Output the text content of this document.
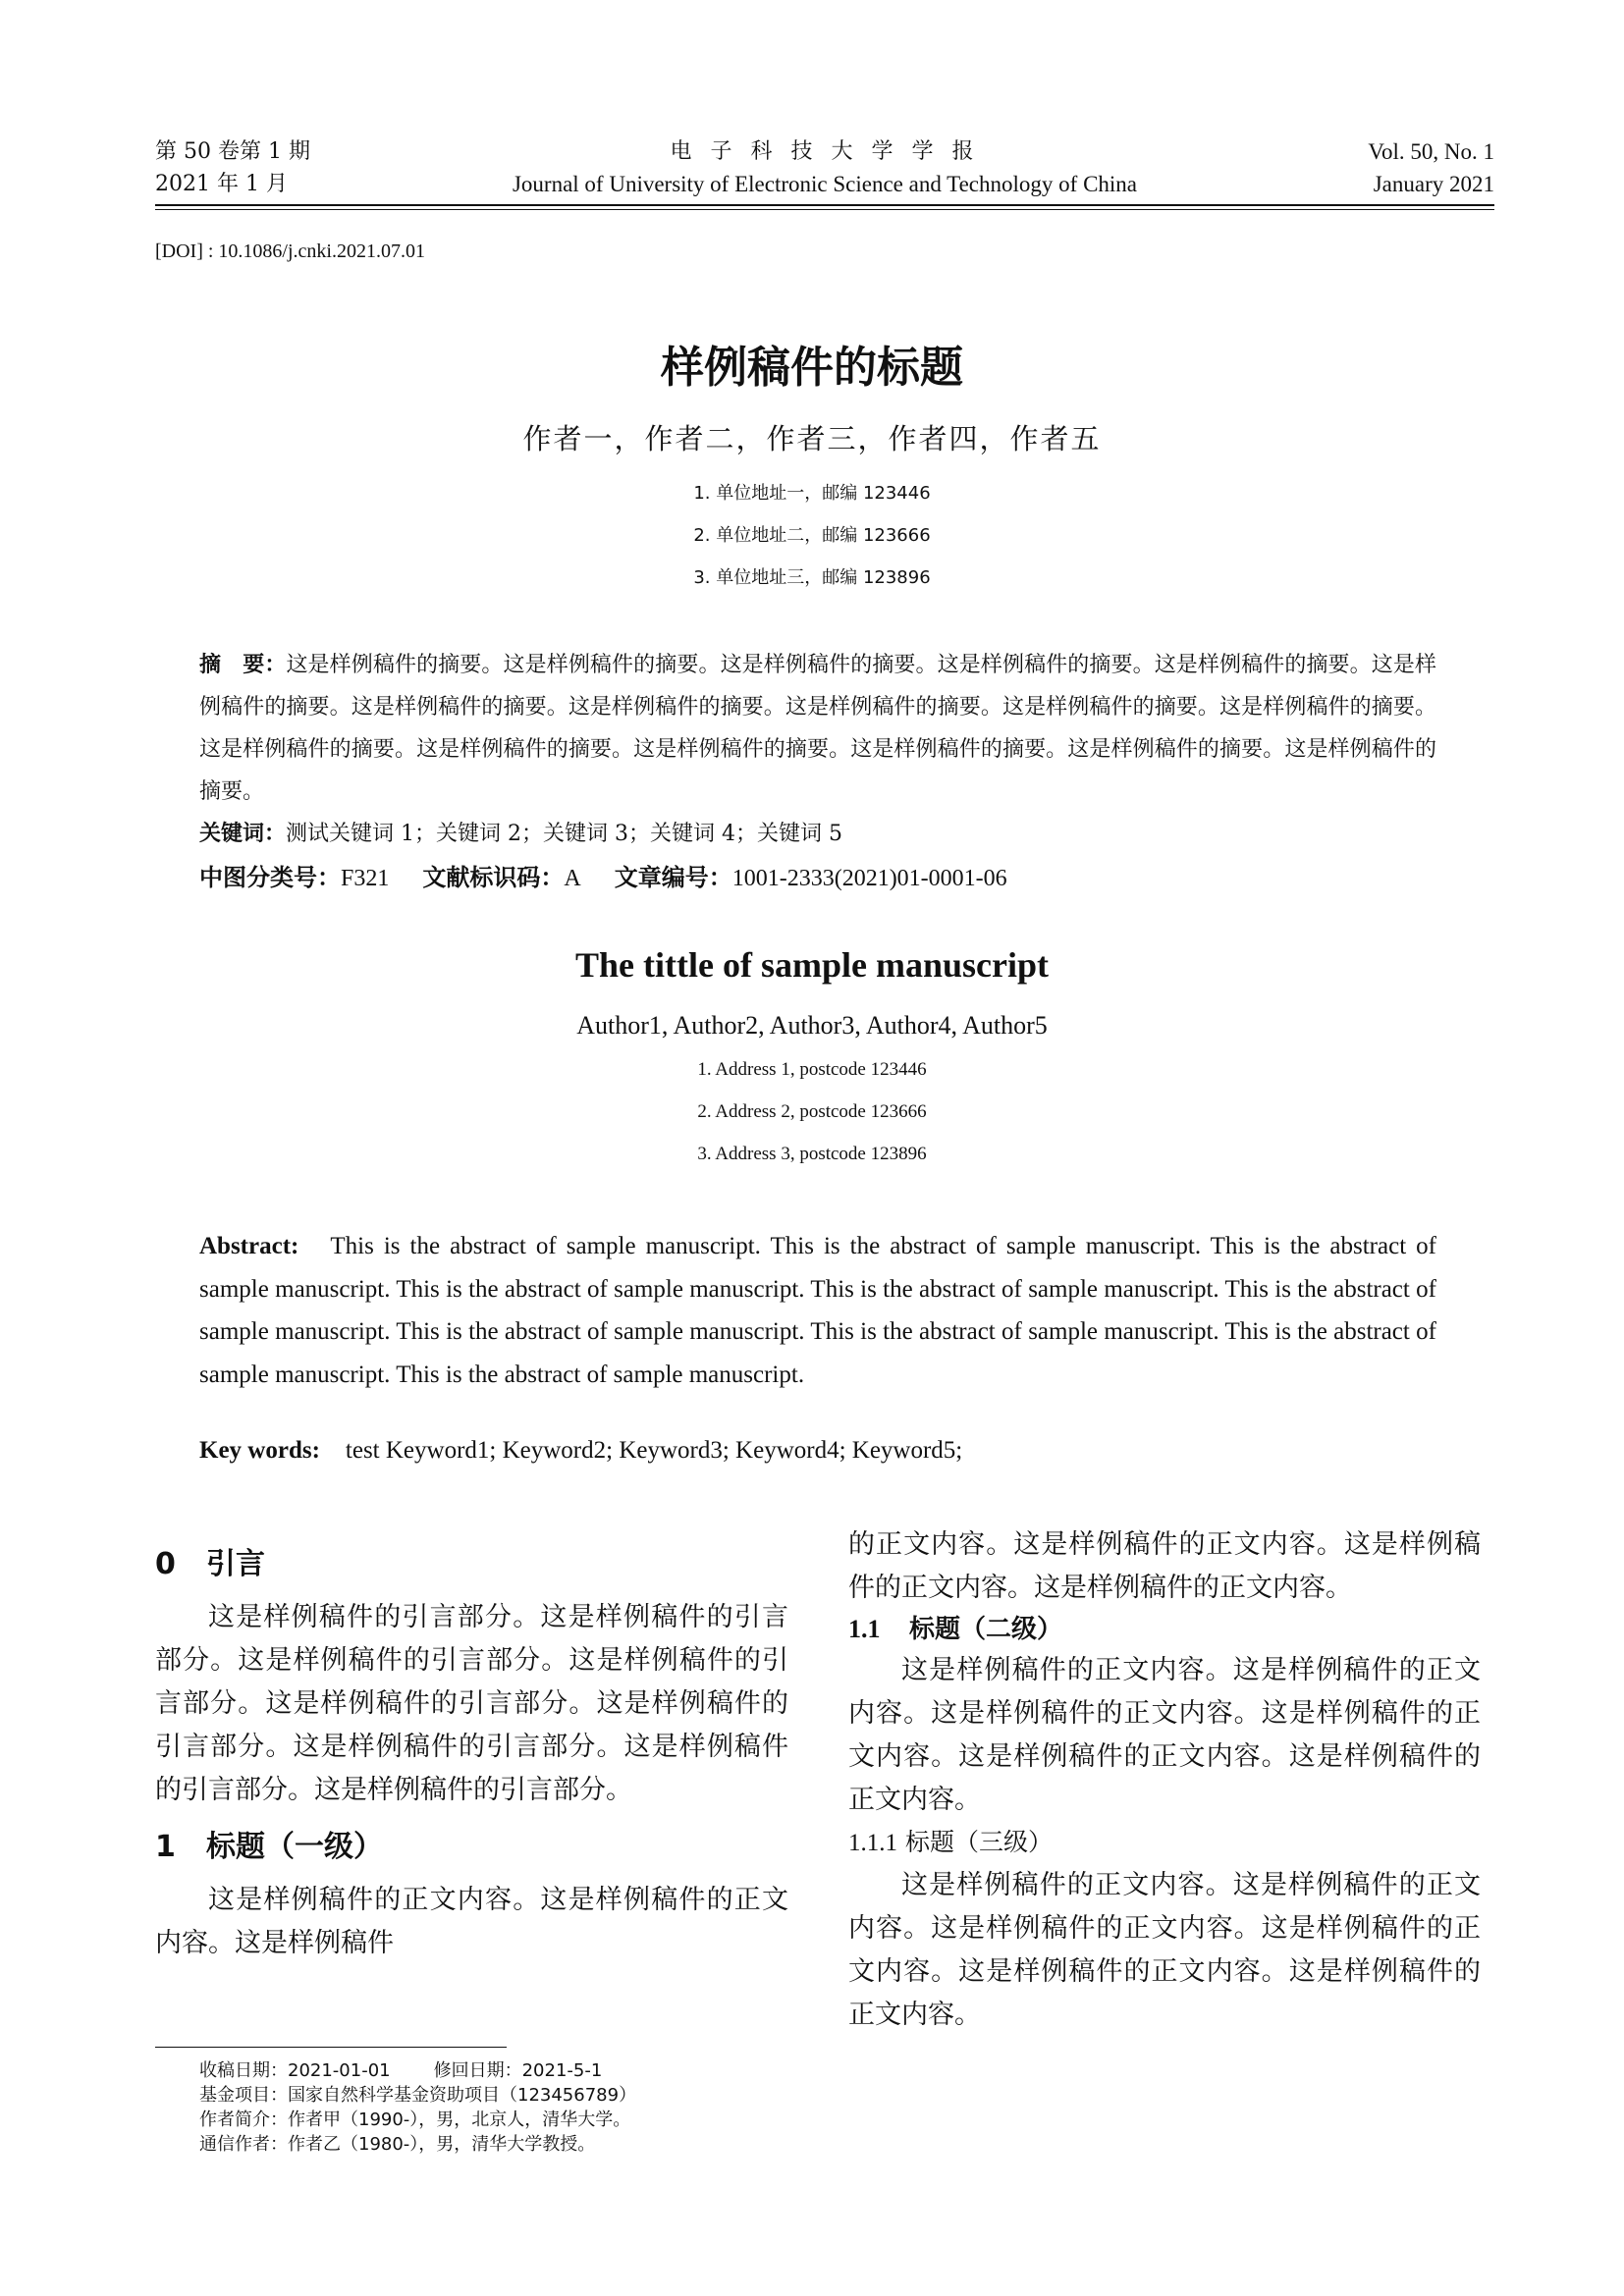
第 50 卷第 1 期
2021 年 1 月
电 子 科 技 大 学 学 报
Journal of University of Electronic Science and Technology of China
Vol. 50, No. 1
January 2021
[DOI] : 10.1086/j.cnki.2021.07.01
样例稿件的标题
作者一，作者二，作者三，作者四，作者五
1. 单位地址一，邮编 123446
2. 单位地址二，邮编 123666
3. 单位地址三，邮编 123896
摘　要：这是样例稿件的摘要。这是样例稿件的摘要。这是样例稿件的摘要。这是样例稿件的摘要。这是样例稿件的摘要。这是样例稿件的摘要。这是样例稿件的摘要。这是样例稿件的摘要。这是样例稿件的摘要。这是样例稿件的摘要。这是样例稿件的摘要。这是样例稿件的摘要。这是样例稿件的摘要。这是样例稿件的摘要。这是样例稿件的摘要。这是样例稿件的摘要。这是样例稿件的摘要。
关键词：测试关键词 1；关键词 2；关键词 3；关键词 4；关键词 5
中图分类号：F321 文献标识码：A 文章编号：1001-2333(2021)01-0001-06
The tittle of sample manuscript
Author1, Author2, Author3, Author4, Author5
1. Address 1, postcode 123446
2. Address 2, postcode 123666
3. Address 3, postcode 123896
Abstract: This is the abstract of sample manuscript. This is the abstract of sample manuscript. This is the abstract of sample manuscript. This is the abstract of sample manuscript. This is the abstract of sample manuscript. This is the abstract of sample manuscript. This is the abstract of sample manuscript. This is the abstract of sample manuscript. This is the abstract of sample manuscript. This is the abstract of sample manuscript.
Key words: test Keyword1; Keyword2; Keyword3; Keyword4; Keyword5;
0 引言

这是样例稿件的引言部分。这是样例稿件的引言部分。这是样例稿件的引言部分。这是样例稿件的引言部分。这是样例稿件的引言部分。这是样例稿件的引言部分。这是样例稿件的引言部分。这是样例稿件的引言部分。这是样例稿件的引言部分。

1 标题（一级）

这是样例稿件的正文内容。这是样例稿件的正文内容。这是样例稿件

的正文内容。这是样例稿件的正文内容。这是样例稿件的正文内容。这是样例稿件的正文内容。

1.1 标题（二级）

这是样例稿件的正文内容。这是样例稿件的正文内容。这是样例稿件的正文内容。这是样例稿件的正文内容。这是样例稿件的正文内容。这是样例稿件的正文内容。

1.1.1 标题（三级）

这是样例稿件的正文内容。这是样例稿件的正文内容。这是样例稿件的正文内容。这是样例稿件的正文内容。这是样例稿件的正文内容。这是样例稿件的正文内容。

收稿日期：2021-01-01 修回日期：2021-5-1
基金项目：国家自然科学基金资助项目（123456789）
作者简介：作者甲（1990-），男，北京人，清华大学。
通信作者：作者乙（1980-），男，清华大学教授。
